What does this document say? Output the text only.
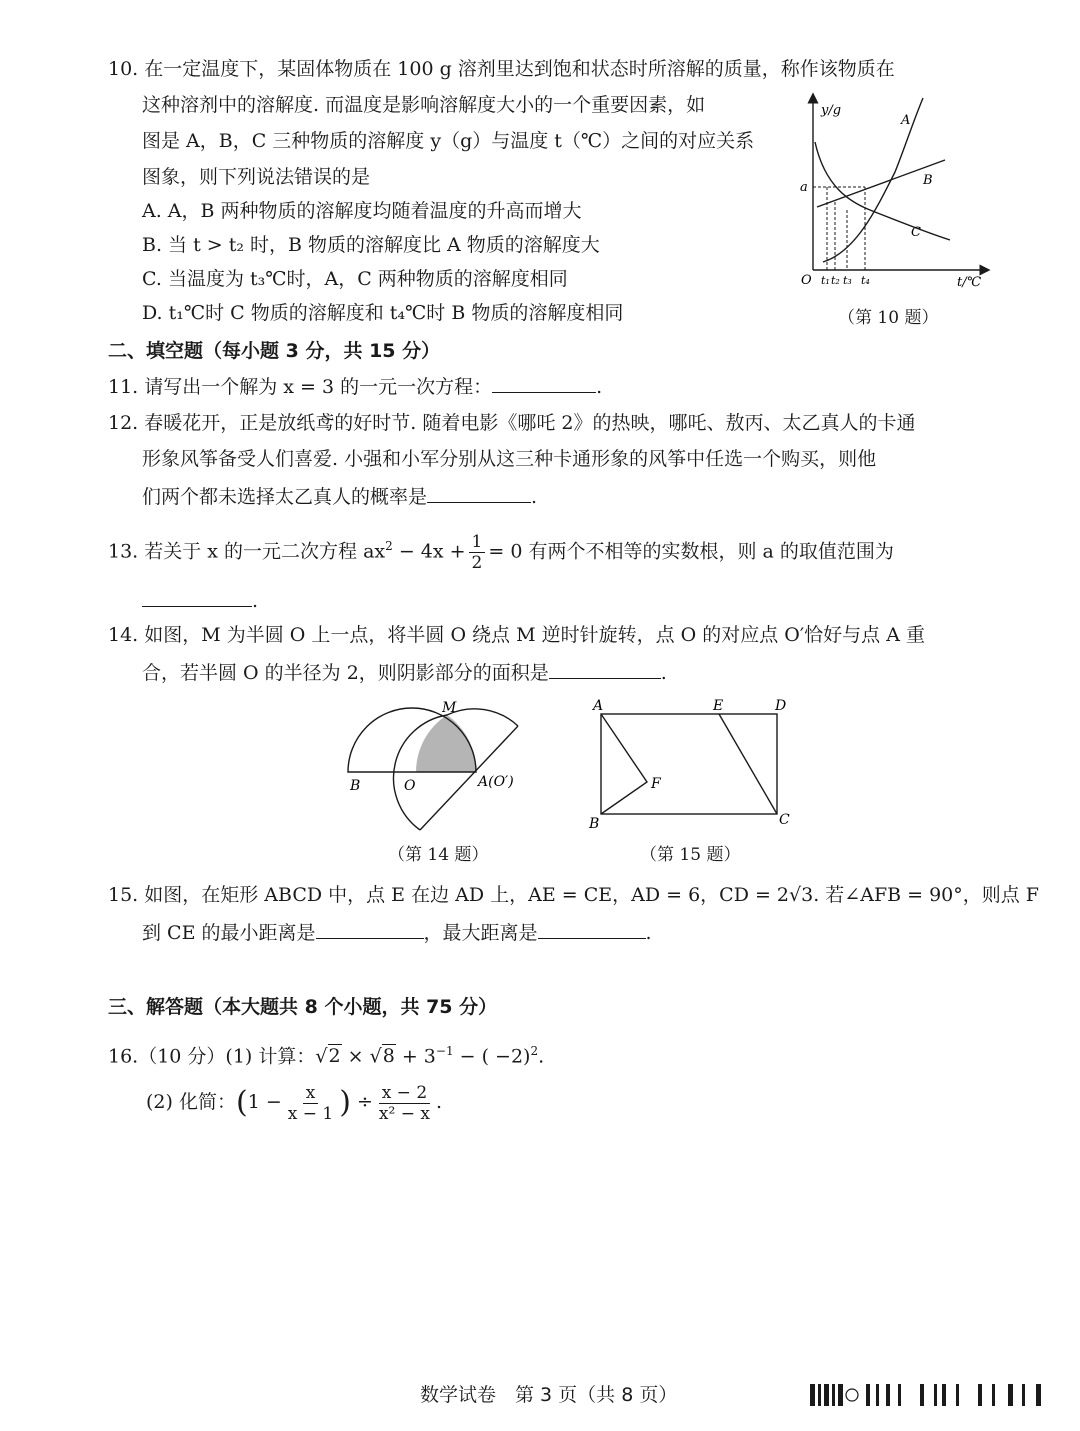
10. 在一定温度下，某固体物质在 100 g 溶剂里达到饱和状态时所溶解的质量，称作该物质在
这种溶剂中的溶解度. 而温度是影响溶解度大小的一个重要因素，如
图是 A，B，C 三种物质的溶解度 y（g）与温度 t（℃）之间的对应关系
图象，则下列说法错误的是
A. A，B 两种物质的溶解度均随着温度的升高而增大
B. 当 t > t₂ 时，B 物质的溶解度比 A 物质的溶解度大
C. 当温度为 t₃℃时，A，C 两种物质的溶解度相同
D. t₁℃时 C 物质的溶解度和 t₄℃时 B 物质的溶解度相同
y/g
t/℃
O
a
A
B
C
t₁ t₂ t₃ t₄
（第 10 题）
二、填空题（每小题 3 分，共 15 分）
11. 请写出一个解为 x = 3 的一元一次方程：	.
12. 春暖花开，正是放纸鸢的好时节. 随着电影《哪吒 2》的热映，哪吒、敖丙、太乙真人的卡通
形象风筝备受人们喜爱. 小强和小军分别从这三种卡通形象的风筝中任选一个购买，则他
们两个都未选择太乙真人的概率是	.
13. 若关于 x 的一元二次方程 $ax^2 - 4x + \frac{1}{2} = 0$ 有两个不相等的实数根，则 a 的取值范围为
.
14. 如图，M 为半圆 O 上一点，将半圆 O 绕点 M 逆时针旋转，点 O 的对应点 O′恰好与点 A 重
合，若半圆 O 的半径为 2，则阴影部分的面积是	.
M
B	O	A(O′)
（第 14 题）
A	E	D
F
B	C
（第 15 题）
15. 如图，在矩形 ABCD 中，点 E 在边 AD 上，AE = CE，AD = 6，CD = 2√3. 若∠AFB = 90°，则点 F
到 CE 的最小距离是	，最大距离是	.
三、解答题（本大题共 8 个小题，共 75 分）
16.（10 分）(1) 计算：$√2 \times √8 + 3^{-1}$ − ( −2)$^2$.
(2) 化简：($1 - \frac{x}{x - 1}$ ) ÷ $\frac{x - 2}{\text{x² − x}}$ .
数学试卷　第 3 页（共 8 页）
